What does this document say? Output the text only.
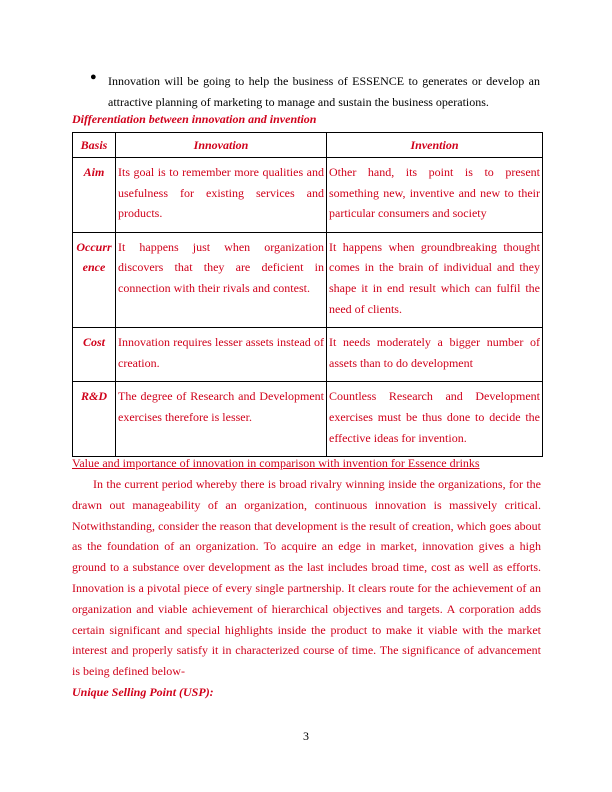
● Innovation will be going to help the business of ESSENCE to generates or develop an
attractive planning of marketing to manage and sustain the business operations.
Differentiation between innovation and invention
Basis	Innovation	Invention
Aim	Its goal is to remember more qualities and usefulness for existing services and products.	Other hand, its point is to present something new, inventive and new to their particular consumers and society
Occurrence	It happens just when organization discovers that they are deficient in connection with their rivals and contest.	It happens when groundbreaking thought comes in the brain of individual and they shape it in end result which can fulfil the need of clients.
Cost	Innovation requires lesser assets instead of creation.	It needs moderately a bigger number of assets than to do development
R&D	The degree of Research and Development exercises therefore is lesser.	Countless Research and Development exercises must be thus done to decide the effective ideas for invention.
Value and importance of innovation in comparison with invention for Essence drinks

In the current period whereby there is broad rivalry winning inside the organizations, for the drawn out manageability of an organization, continuous innovation is massively critical. Notwithstanding, consider the reason that development is the result of creation, which goes about as the foundation of an organization. To acquire an edge in market, innovation gives a high ground to a substance over development as the last includes broad time, cost as well as efforts. Innovation is a pivotal piece of every single partnership. It clears route for the achievement of an organization and viable achievement of hierarchical objectives and targets. A corporation adds certain significant and special highlights inside the product to make it viable with the market interest and properly satisfy it in characterized course of time. The significance of advancement is being defined below-

Unique Selling Point (USP):
3
